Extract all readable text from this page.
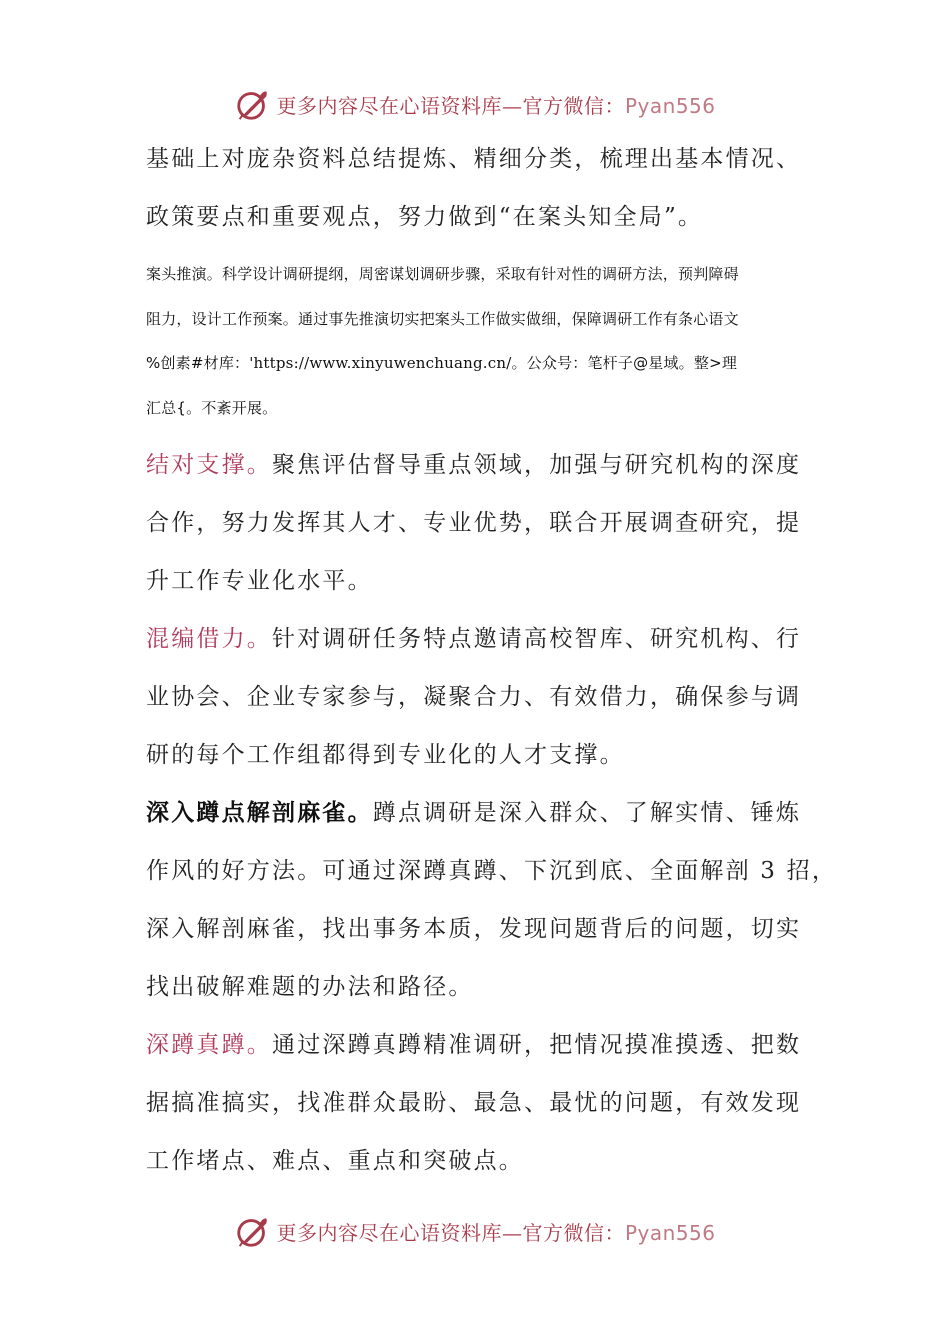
更多内容尽在心语资料库—官方微信：Pyan556

基础上对庞杂资料总结提炼、精细分类，梳理出基本情况、
政策要点和重要观点，努力做到“在案头知全局”。

案头推演。科学设计调研提纲，周密谋划调研步骤，采取有针对性的调研方法，预判障碍
阻力，设计工作预案。通过事先推演切实把案头工作做实做细，保障调研工作有条心语文
%创素#材库：'https://www.xinyuwenchuang.cn/。公众号：笔杆子@星域。整>理
汇总{。不紊开展。

结对支撑。聚焦评估督导重点领域，加强与研究机构的深度
合作，努力发挥其人才、专业优势，联合开展调查研究，提
升工作专业化水平。

混编借力。针对调研任务特点邀请高校智库、研究机构、行
业协会、企业专家参与，凝聚合力、有效借力，确保参与调
研的每个工作组都得到专业化的人才支撑。

深入蹲点解剖麻雀。蹲点调研是深入群众、了解实情、锤炼
作风的好方法。可通过深蹲真蹲、下沉到底、全面解剖 3 招，
深入解剖麻雀，找出事务本质，发现问题背后的问题，切实
找出破解难题的办法和路径。

深蹲真蹲。通过深蹲真蹲精准调研，把情况摸准摸透、把数
据搞准搞实，找准群众最盼、最急、最忧的问题，有效发现
工作堵点、难点、重点和突破点。

更多内容尽在心语资料库—官方微信：Pyan556
